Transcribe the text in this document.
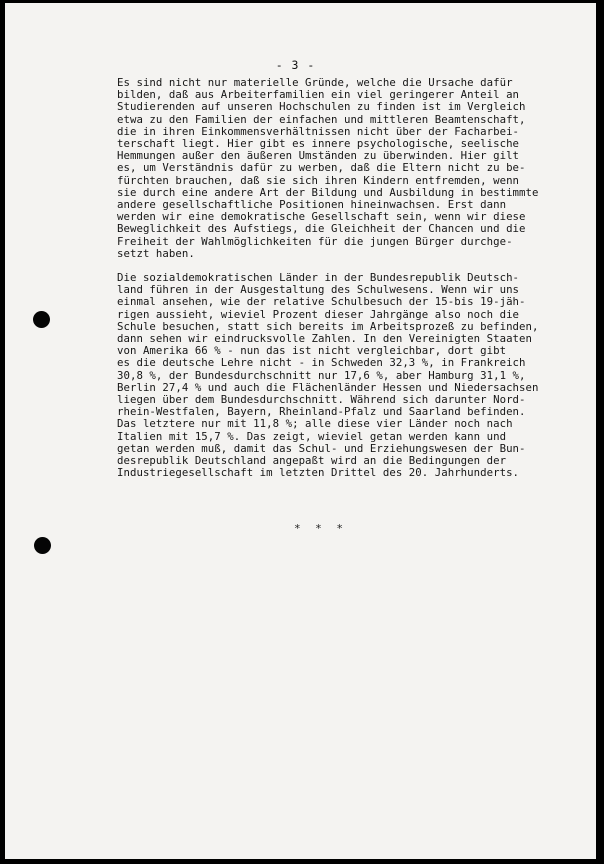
- 3 -

Es sind nicht nur materielle Gründe, welche die Ursache dafür
bilden, daß aus Arbeiterfamilien ein viel geringerer Anteil an
Studierenden auf unseren Hochschulen zu finden ist im Vergleich
etwa zu den Familien der einfachen und mittleren Beamtenschaft,
die in ihren Einkommensverhältnissen nicht über der Facharbei-
terschaft liegt. Hier gibt es innere psychologische, seelische
Hemmungen außer den äußeren Umständen zu überwinden. Hier gilt
es, um Verständnis dafür zu werben, daß die Eltern nicht zu be-
fürchten brauchen, daß sie sich ihren Kindern entfremden, wenn
sie durch eine andere Art der Bildung und Ausbildung in bestimmte
andere gesellschaftliche Positionen hineinwachsen. Erst dann
werden wir eine demokratische Gesellschaft sein, wenn wir diese
Beweglichkeit des Aufstiegs, die Gleichheit der Chancen und die
Freiheit der Wahlmöglichkeiten für die jungen Bürger durchge-
setzt haben.

Die sozialdemokratischen Länder in der Bundesrepublik Deutsch-
land führen in der Ausgestaltung des Schulwesens. Wenn wir uns
einmal ansehen, wie der relative Schulbesuch der 15-bis 19-jäh-
rigen aussieht, wieviel Prozent dieser Jahrgänge also noch die
Schule besuchen, statt sich bereits im Arbeitsprozeß zu befinden,
dann sehen wir eindrucksvolle Zahlen. In den Vereinigten Staaten
von Amerika 66 % - nun das ist nicht vergleichbar, dort gibt
es die deutsche Lehre nicht - in Schweden 32,3 %, in Frankreich
30,8 %, der Bundesdurchschnitt nur 17,6 %, aber Hamburg 31,1 %,
Berlin 27,4 % und auch die Flächenländer Hessen und Niedersachsen
liegen über dem Bundesdurchschnitt. Während sich darunter Nord-
rhein-Westfalen, Bayern, Rheinland-Pfalz und Saarland befinden.
Das letztere nur mit 11,8 %; alle diese vier Länder noch nach
Italien mit 15,7 %. Das zeigt, wieviel getan werden kann und
getan werden muß, damit das Schul- und Erziehungswesen der Bun-
desrepublik Deutschland angepaßt wird an die Bedingungen der
Industriegesellschaft im letzten Drittel des 20. Jahrhunderts.

* * *
